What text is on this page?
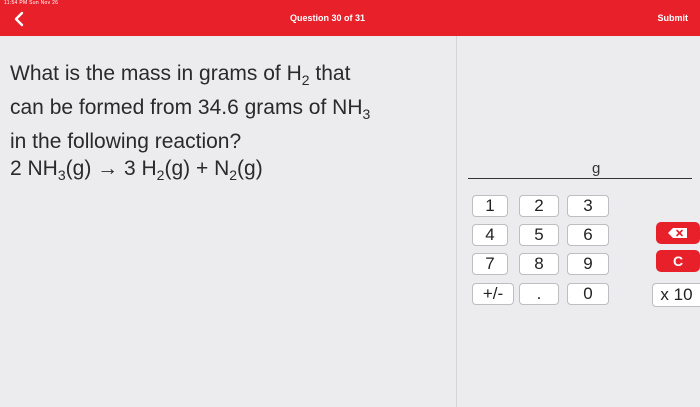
11:54 PM Sun Nov 26
Question 30 of 31	Submit
What is the mass in grams of $H_2$ that
can be formed from 34.6 grams of $NH_3$
in the following reaction?
2 $NH_3(g) \to 3$ $H_2(g) + N_2(g)$	g
1	2	3
4	5	6
7	8	9
+/-	.	0
C
x 10
